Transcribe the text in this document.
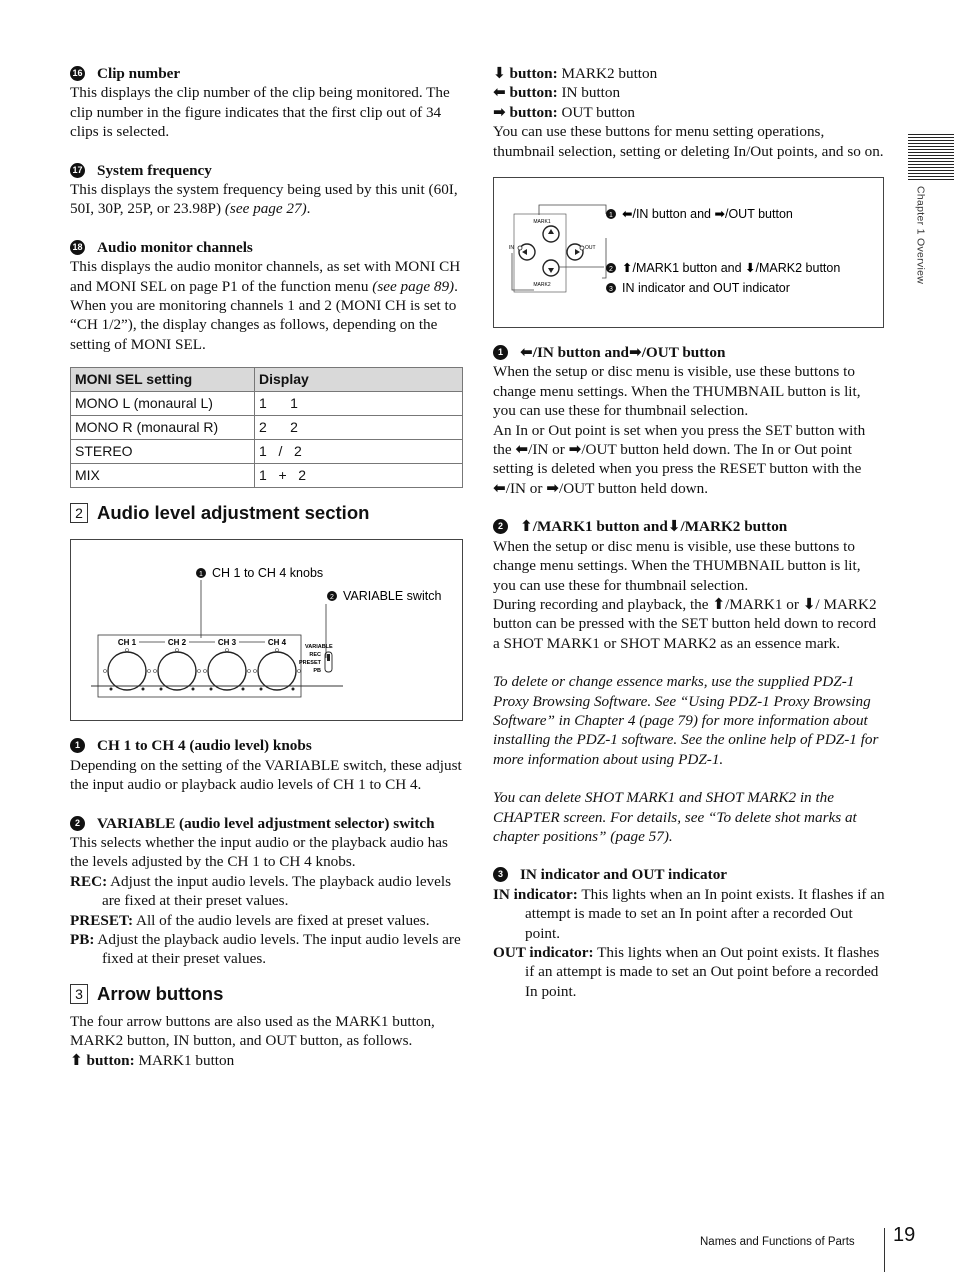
16 Clip number

This displays the clip number of the clip being monitored. The clip number in the figure indicates that the first clip out of 34 clips is selected.

17 System frequency

This displays the system frequency being used by this unit (60I, 50I, 30P, 25P, or 23.98P) (see page 27).

18 Audio monitor channels

This displays the audio monitor channels, as set with MONI CH and MONI SEL on page P1 of the function menu (see page 89).

When you are monitoring channels 1 and 2 (MONI CH is set to “CH 1/2”), the display changes as follows, depending on the setting of MONI SEL.

MONI SEL setting	Display
MONO L (monaural L)	1      1
MONO R (monaural R)	2      2
STEREO	1   /   2
MIX	1   +   2
2 Audio level adjustment section
1 CH 1 to CH 4 knobs
2 VARIABLE switch
CH 1	CH 2	CH 3	CH 4	VARIABLE
REC
PRESET
PB
1	CH 1 to CH 4 (audio level) knobs

Depending on the setting of the VARIABLE switch, these adjust the input audio or playback audio levels of CH 1 to CH 4.

2	VARIABLE (audio level adjustment selector) switch

This selects whether the input audio or the playback audio has the levels adjusted by the CH 1 to CH 4 knobs.

REC: Adjust the input audio levels. The playback audio levels are fixed at their preset values.

PRESET: All of the audio levels are fixed at preset values.

PB: Adjust the playback audio levels. The input audio levels are fixed at their preset values.

3 Arrow buttons

The four arrow buttons are also used as the MARK1 button, MARK2 button, IN button, and OUT button, as follows.

⬆ button: MARK1 button

⬇ button: MARK2 button

⬅ button: IN button

➡ button: OUT button

You can use these buttons for menu setting operations, thumbnail selection, setting or deleting In/Out points, and so on.

MARK1
MARK2
IN	OUT
1
2
3
⬅/IN button and ➡/OUT button
⬆/MARK1 button and ⬇/MARK2 button
IN indicator and OUT indicator
1	⬅ /IN button and ➡ /OUT button

When the setup or disc menu is visible, use these buttons to change menu settings. When the THUMBNAIL button is lit, you can use these for thumbnail selection.

An In or Out point is set when you press the SET button with the ⬅/IN or ➡/OUT button held down. The In or Out point setting is deleted when you press the RESET button with the ⬅/IN or ➡/OUT button held down.

2	⬆ /MARK1 button and ⬇ /MARK2 button

When the setup or disc menu is visible, use these buttons to change menu settings. When the THUMBNAIL button is lit, you can use these for thumbnail selection.

During recording and playback, the ⬆/MARK1 or ⬇/ MARK2 button can be pressed with the SET button held down to record a SHOT MARK1 or SHOT MARK2 as an essence mark.

To delete or change essence marks, use the supplied PDZ-1 Proxy Browsing Software. See “Using PDZ-1 Proxy Browsing Software” in Chapter 4 (page 79) for more information about installing the PDZ-1 software. See the online help of PDZ-1 for more information about using PDZ-1.

You can delete SHOT MARK1 and SHOT MARK2 in the CHAPTER screen. For details, see “To delete shot marks at chapter positions” (page 57).

3	IN indicator and OUT indicator

IN indicator: This lights when an In point exists. It flashes if an attempt is made to set an In point after a recorded Out point.

OUT indicator: This lights when an Out point exists. It flashes if an attempt is made to set an Out point before a recorded In point.

Chapter 1 Overview
Names and Functions of Parts 19
